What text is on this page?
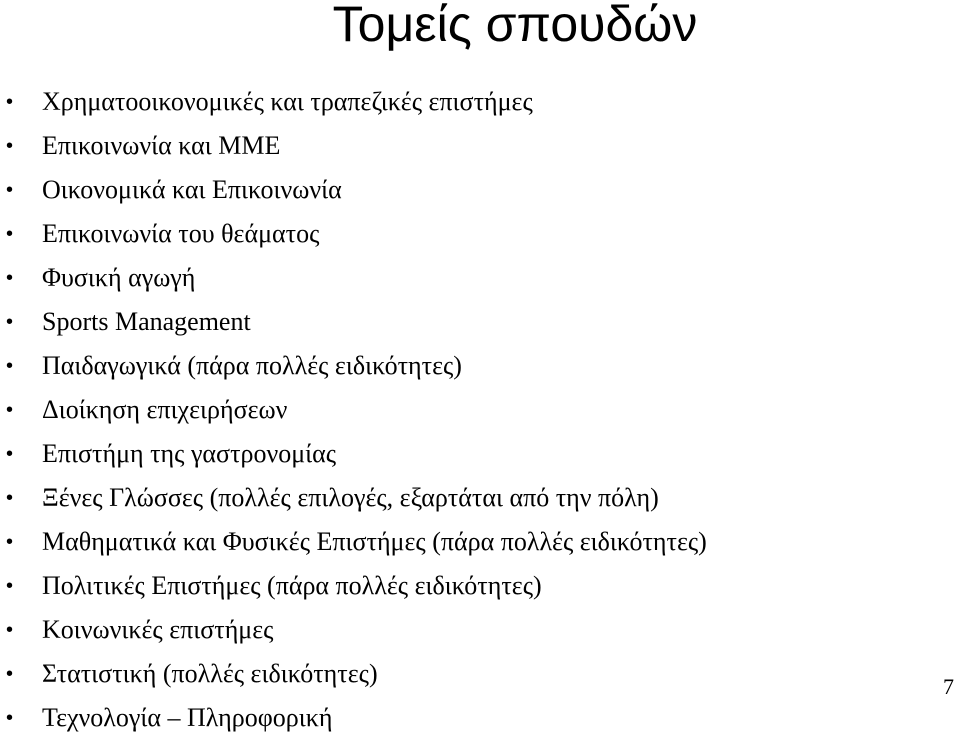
Τομείς σπουδών
• Χρηματοοικονομικές και τραπεζικές επιστήμες
• Επικοινωνία και ΜΜΕ
• Οικονομικά και Επικοινωνία
• Επικοινωνία του θεάματος
• Φυσική αγωγή
• Sports Management
• Παιδαγωγικά (πάρα πολλές ειδικότητες)
• Διοίκηση επιχειρήσεων
• Επιστήμη της γαστρονομίας
• Ξένες Γλώσσες (πολλές επιλογές, εξαρτάται από την πόλη)
• Μαθηματικά και Φυσικές Επιστήμες (πάρα πολλές ειδικότητες)
• Πολιτικές Επιστήμες (πάρα πολλές ειδικότητες)
• Κοινωνικές επιστήμες
• Στατιστική (πολλές ειδικότητες)
• Τεχνολογία – Πληροφορική
7
